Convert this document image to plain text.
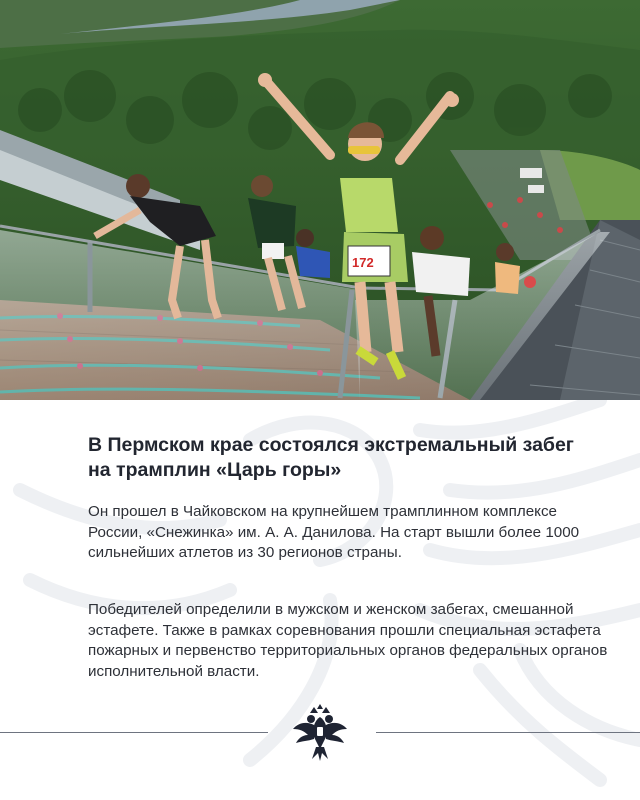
172
В Пермском крае состоялся экстремальный забег на трамплин «Царь горы»

Он прошел в Чайковском на крупнейшем трамплинном комплексе России, «Снежинка» им. А. А. Данилова. На старт вышли более 1000 сильнейших атлетов из 30 регионов страны.

Победителей определили в мужском и женском забегах, смешанной эстафете. Также в рамках соревнования прошли специальная эстафета пожарных и первенство территориальных органов федеральных органов исполнительной власти.
